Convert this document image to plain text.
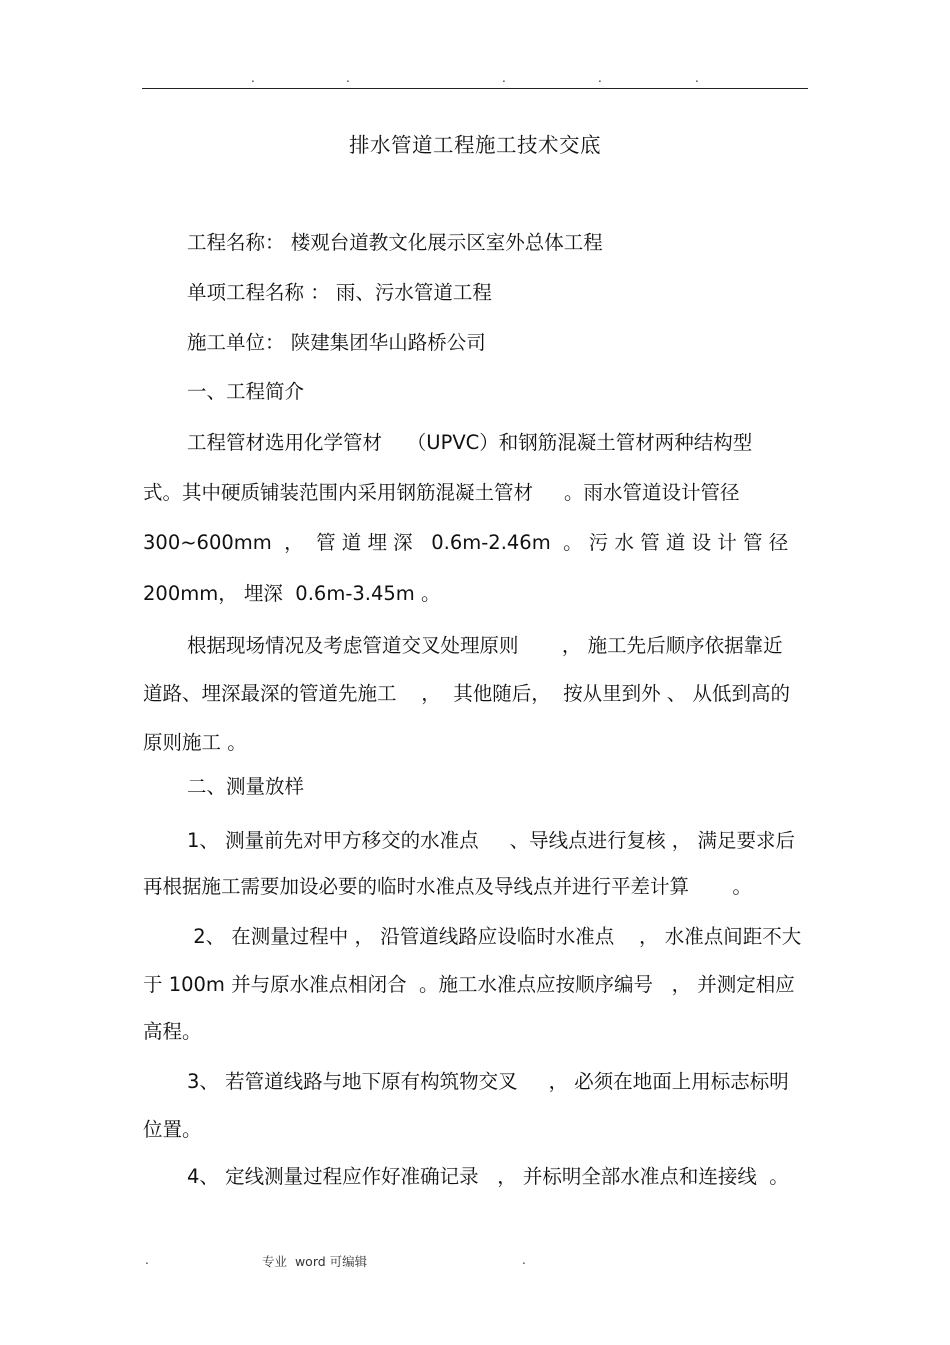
.	.	.	.	.
排水管道工程施工技术交底
工程名称： 楼观台道教文化展示区室外总体工程
单项工程名称 ： 雨、污水管道工程
施工单位： 陕建集团华山路桥公司
一、工程简介
工程管材选用化学管材    （UPVC）和钢筋混凝土管材两种结构型
式。其中硬质铺装范围内采用钢筋混凝土管材     。雨水管道设计管径
300~600mm  ，  管 道 埋 深   0.6m-2.46m  。 污 水 管 道 设 计 管 径
200mm， 埋深  0.6m-3.45m 。
根据现场情况及考虑管道交叉处理原则       ， 施工先后顺序依据靠近
道路、埋深最深的管道先施工    ，  其他随后，  按从里到外 、 从低到高的
原则施工 。
二、测量放样
1、 测量前先对甲方移交的水准点     、导线点进行复核 ， 满足要求后
再根据施工需要加设必要的临时水准点及导线点并进行平差计算       。
2、 在测量过程中 ， 沿管道线路应设临时水准点    ， 水准点间距不大
于 100m 并与原水准点相闭合  。施工水准点应按顺序编号   ， 并测定相应
高程。
3、 若管道线路与地下原有构筑物交叉     ， 必须在地面上用标志标明
位置。
4、 定线测量过程应作好准确记录   ， 并标明全部水准点和连接线  。
.	专业  word 可编辑	.
